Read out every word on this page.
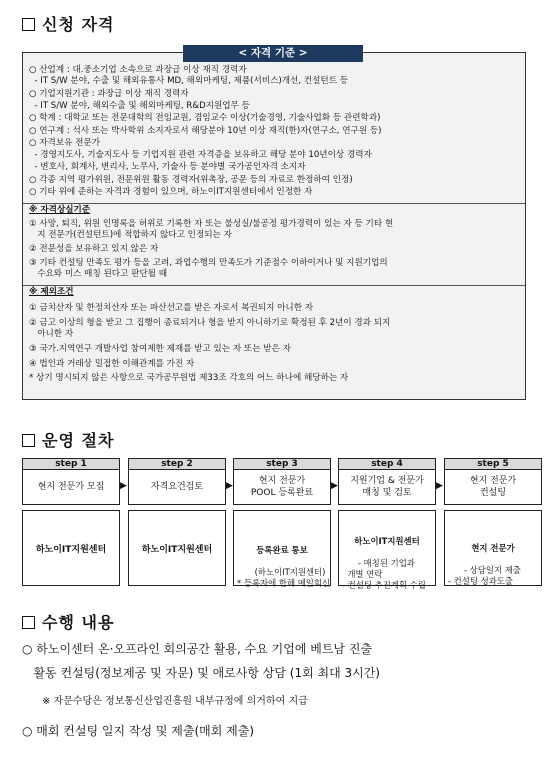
신청 자격
< 자격 기준 >
○ 산업계 : 대.중소기업 소속으로 과장급 이상 재직 경력자
- IT S/W 분야, 수출 및 해외유통사 MD, 해외마케팅, 제품(서비스)개선, 컨설턴트 등
○ 기업지원기관 : 과장급 이상 재직 경력자
- IT S/W 분야, 해외수출 및 해외마케팅, R&D지원업무 등
○ 학계 : 대학교 또는 전문대학의 전임교원, 겸임교수 이상(기술경영, 기술사업화 등 관련학과)
○ 연구계 : 석사 또는 박사학위 소지자로서 해당분야 10년 이상 재직(한)자(연구소, 연구원 등)
○ 자격보유 전문가
- 경영지도사, 기술지도사 등 기업지원 관련 자격증을 보유하고 해당 분야 10년이상 경력자
- 변호사, 회계사, 변리사, 노무사, 기술사 등 분야별 국가공인자격 소지자
○ 각종 지역 평가위원, 전문위원 활동 경력자(위촉장, 공문 등의 자료로 한정하여 인정)
○ 기타 위에 준하는 자격과 경험이 있으며, 하노이IT지원센터에서 인정한 자
※ 자격상실기준
① 사망, 퇴직, 위원 인명록을 허위로 기록한 자 또는 불성실/불공정 평가경력이 있는 자 등 기타 현
지 전문가(컨설턴트)에 적합하지 않다고 인정되는 자
② 전문성을 보유하고 있지 않은 자
③ 기타 컨설팅 만족도 평가 등을 고려, 과업수행의 만족도가 기준점수 이하이거나 및 지원기업의
수요와 미스 매칭 된다고 판단될 때
※ 제외조건
① 금치산자 및 한정치산자 또는 파산선고를 받은 자로서 복권되지 아니한 자
② 금고 이상의 형을 받고 그 집행이 종료되거나 형을 받지 아니하기로 확정된 후 2년이 경과 되지
아니한 자
③ 국가.지역연구 개발사업 참여제한 제재를 받고 있는 자 또는 받은 자
④ 법인과 거래상 밀접한 이해관계를 가진 자
* 상기 명시되지 않은 사항으로 국가공무원법 제33조 각호의 어느 하나에 해당하는 자
운영 절차
step 1
현지 전문가 모집	▶
하노이IT지원센터
step 2
자격요건검토	▶
하노이IT지원센터
step 3
현지 전문가
POOL 등록완료
▶

등록완료 통보

(하노이IT지원센터)
* 등록자에 한해 메일회신

step 4
지원기업 & 전문가
매칭 및 검토
▶

하노이IT지원센터

- 매칭된 기업과
개별 연락
- 컨설팅 추진계획 수립

step 5
현지 전문가
컨설팅

현지 전문가

- 상담일지 제출
- 컨설팅 성과도출

수행 내용
○ 하노이센터 온·오프라인 회의공간 활용, 수요 기업에 베트남 진출
활동 컨설팅(정보제공 및 자문) 및 애로사항 상담 (1회 최대 3시간)
※ 자문수당은 정보통신산업진흥원 내부규정에 의거하여 지급
○ 매회 컨설팅 일지 작성 및 제출(매회 제출)
